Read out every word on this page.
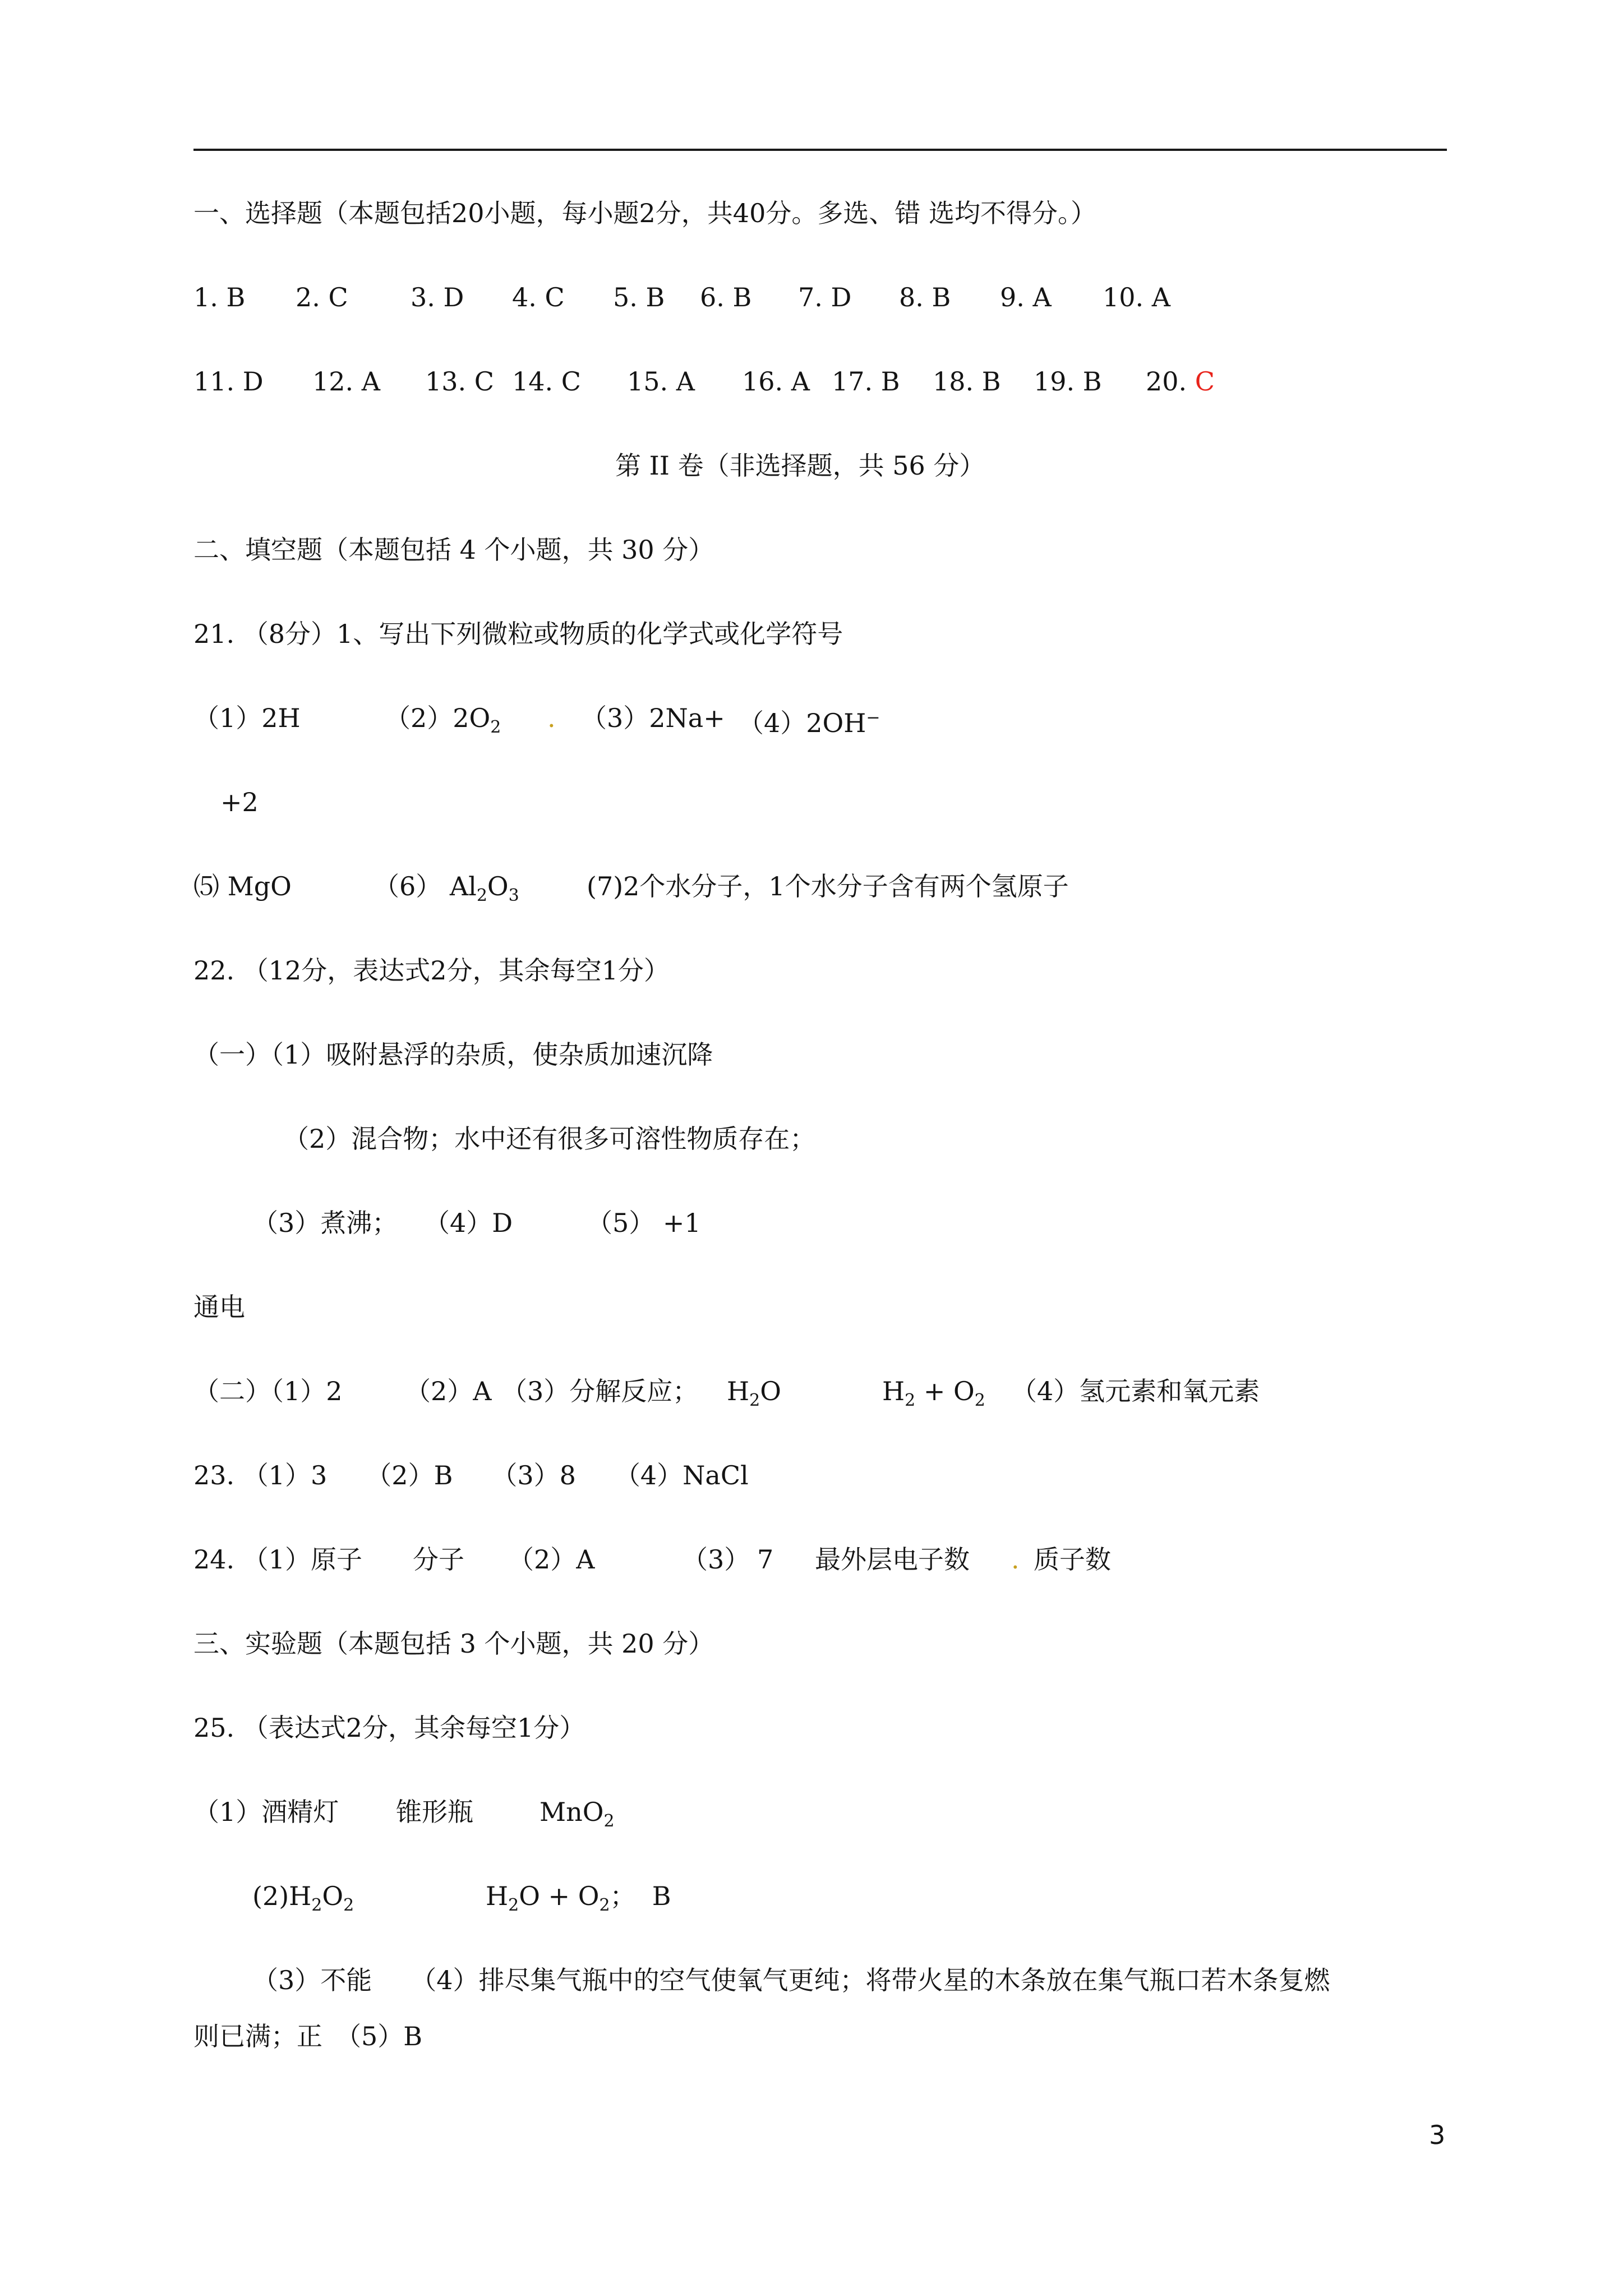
一、选择题（本题包括20小题，每小题2分，共40分。多选、错 选均不得分。）
1. B 2. C 3. D 4. C 5. B 6. B 7. D 8. B 9. A 10. A
11. D 12. A 13. C 14. C 15. A 16. A 17. B 18. B 19. B 20. C
第 II 卷（非选择题，共 56 分）
二、填空题（本题包括 4 个小题，共 30 分）
21. （8分）1、写出下列微粒或物质的化学式或化学符号
（1）2H	$(2)2O_2$ . （3）2Na+ （4）2OH−
+2
⑸ MgO	（6） $Al_2O_3$	(7)2个水分子，1个水分子含有两个氢原子
22. （12分，表达式2分，其余每空1分）
（一）（1）吸附悬浮的杂质，使杂质加速沉降
（2）混合物；水中还有很多可溶性物质存在；
（3）煮沸； （4）D	（5） +1
通电
（二）（1）2 （2）A （3）分解反应； $H_2O$	$H_2 + O_2$ （4）氢元素和氧元素
23. （1）3　　（2）B　　（3）8　　（4）NaCl
24. （1）原子 分子 （2）A	（3） 7 最外层电子数 . 质子数
三、实验题（本题包括 3 个小题，共 20 分）
25. （表达式2分，其余每空1分）
（1）酒精灯 锥形瓶	MnO$_2$
$(2)H_2O_2$	$H_2O + O_2$；  B
（3）不能　　（4）排尽集气瓶中的空气使氧气更纯；将带火星的木条放在集气瓶口若木条复燃
则已满；正　（5）B
3
